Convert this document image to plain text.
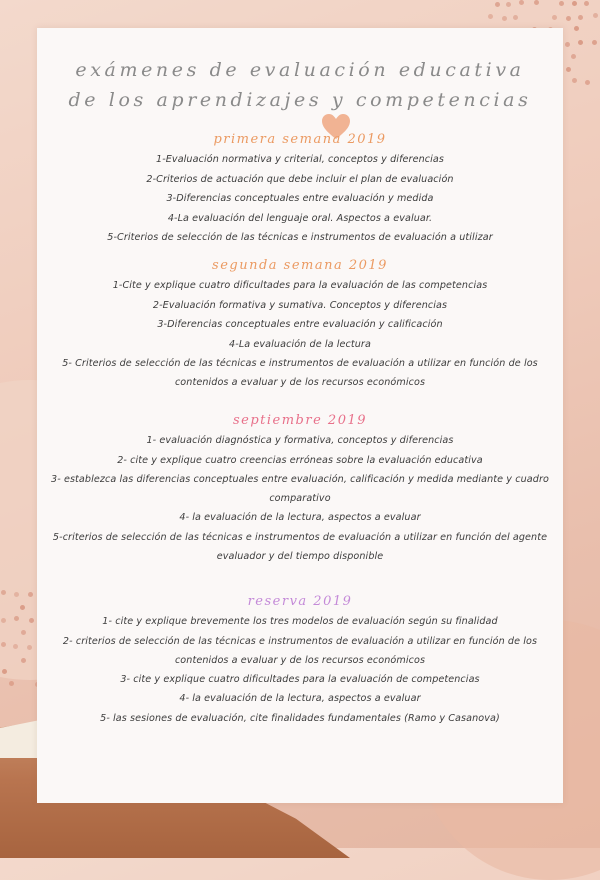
exámenes de evaluación educativa
de los aprendizajes y competencias
primera semana 2019
1-Evaluación normativa y criterial, conceptos y diferencias
2-Criterios de actuación que debe incluir el plan de evaluación
3-Diferencias conceptuales entre evaluación y medida
4-La evaluación del lenguaje oral. Aspectos a evaluar.
5-Criterios de selección de las técnicas e instrumentos de evaluación a utilizar
segunda semana 2019
1-Cite y explique cuatro dificultades para la evaluación de las competencias
2-Evaluación formativa y sumativa. Conceptos y diferencias
3-Diferencias conceptuales entre evaluación y calificación
4-La evaluación de la lectura
5- Criterios de selección de las técnicas e instrumentos de evaluación a utilizar en función de los contenidos a evaluar y de los recursos económicos
septiembre 2019
1- evaluación diagnóstica y formativa, conceptos y diferencias
2- cite y explique cuatro creencias erróneas sobre la evaluación educativa
3- establezca las diferencias conceptuales entre evaluación, calificación y medida mediante y cuadro comparativo
4- la evaluación de la lectura, aspectos a evaluar
5-criterios de selección de las técnicas e instrumentos de evaluación a utilizar en función del agente evaluador y del tiempo disponible
reserva 2019
1- cite y explique brevemente los tres modelos de evaluación según su finalidad
2- criterios de selección de las técnicas e instrumentos de evaluación a utilizar en función de los contenidos a evaluar y de los recursos económicos
3- cite y explique cuatro dificultades para la evaluación de competencias
4- la evaluación de la lectura, aspectos a evaluar
5- las sesiones de evaluación, cite finalidades fundamentales (Ramo y Casanova)
